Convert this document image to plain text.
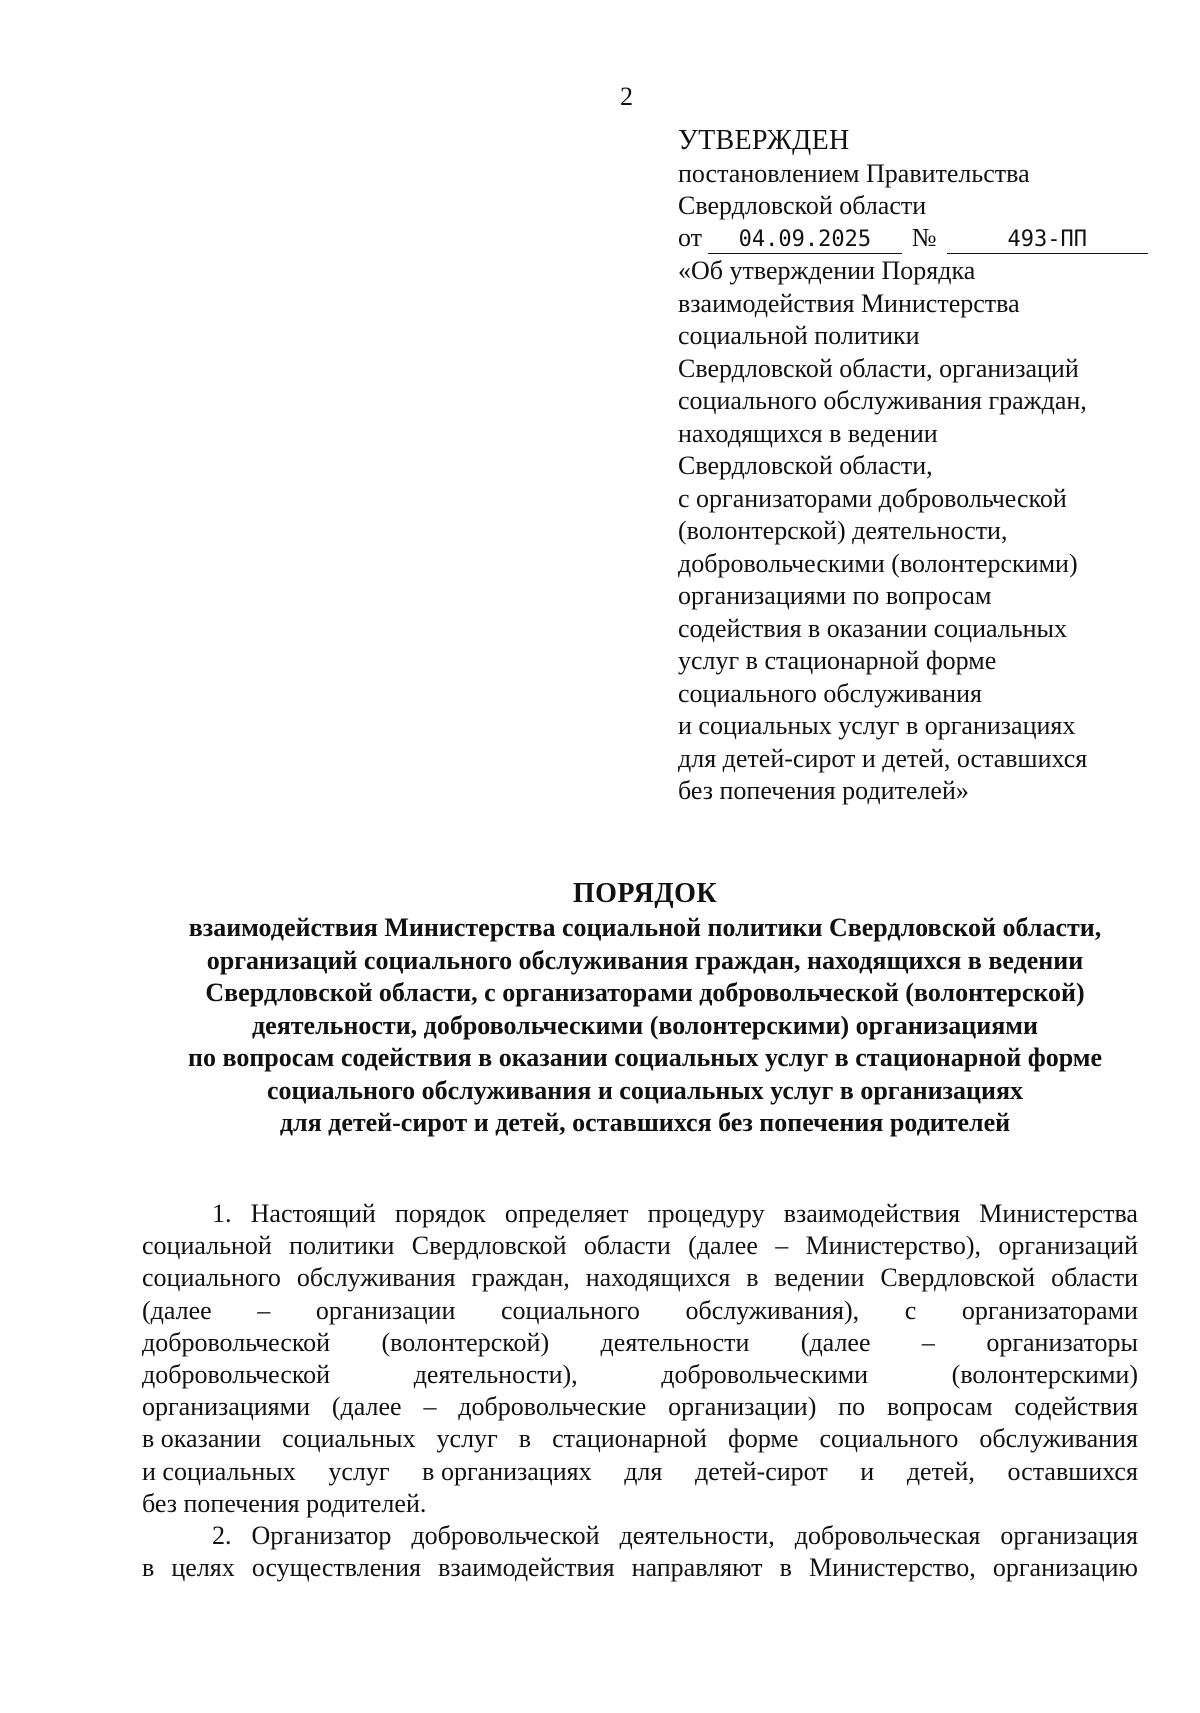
2
УТВЕРЖДЕН
постановлением Правительства
Свердловской области
от	04.09.2025	№	493-ПП
«Об утверждении Порядка
взаимодействия Министерства
социальной политики
Свердловской области, организаций
социального обслуживания граждан,
находящихся в ведении
Свердловской области,
с организаторами добровольческой
(волонтерской) деятельности,
добровольческими (волонтерскими)
организациями по вопросам
содействия в оказании социальных
услуг в стационарной форме
социального обслуживания
и социальных услуг в организациях
для детей-сирот и детей, оставшихся
без попечения родителей»
ПОРЯДОК
взаимодействия Министерства социальной политики Свердловской области,
организаций социального обслуживания граждан, находящихся в ведении
Свердловской области, с организаторами добровольческой (волонтерской)
деятельности, добровольческими (волонтерскими) организациями
по вопросам содействия в оказании социальных услуг в стационарной форме
социального обслуживания и социальных услуг в организациях
для детей-сирот и детей, оставшихся без попечения родителей
1. Настоящий порядок определяет процедуру взаимодействия Министерства
социальной политики Свердловской области (далее – Министерство), организаций
социального обслуживания граждан, находящихся в ведении Свердловской области
(далее – организации социального обслуживания), с организаторами
добровольческой (волонтерской) деятельности (далее – организаторы
добровольческой	деятельности),	добровольческими	(волонтерскими)
организациями (далее – добровольческие организации) по вопросам содействия
в оказании социальных услуг в стационарной форме социального обслуживания
и социальных услуг в организациях для детей-сирот и детей, оставшихся
без попечения родителей.
2. Организатор добровольческой деятельности, добровольческая организация
в целях осуществления взаимодействия направляют в Министерство, организацию
